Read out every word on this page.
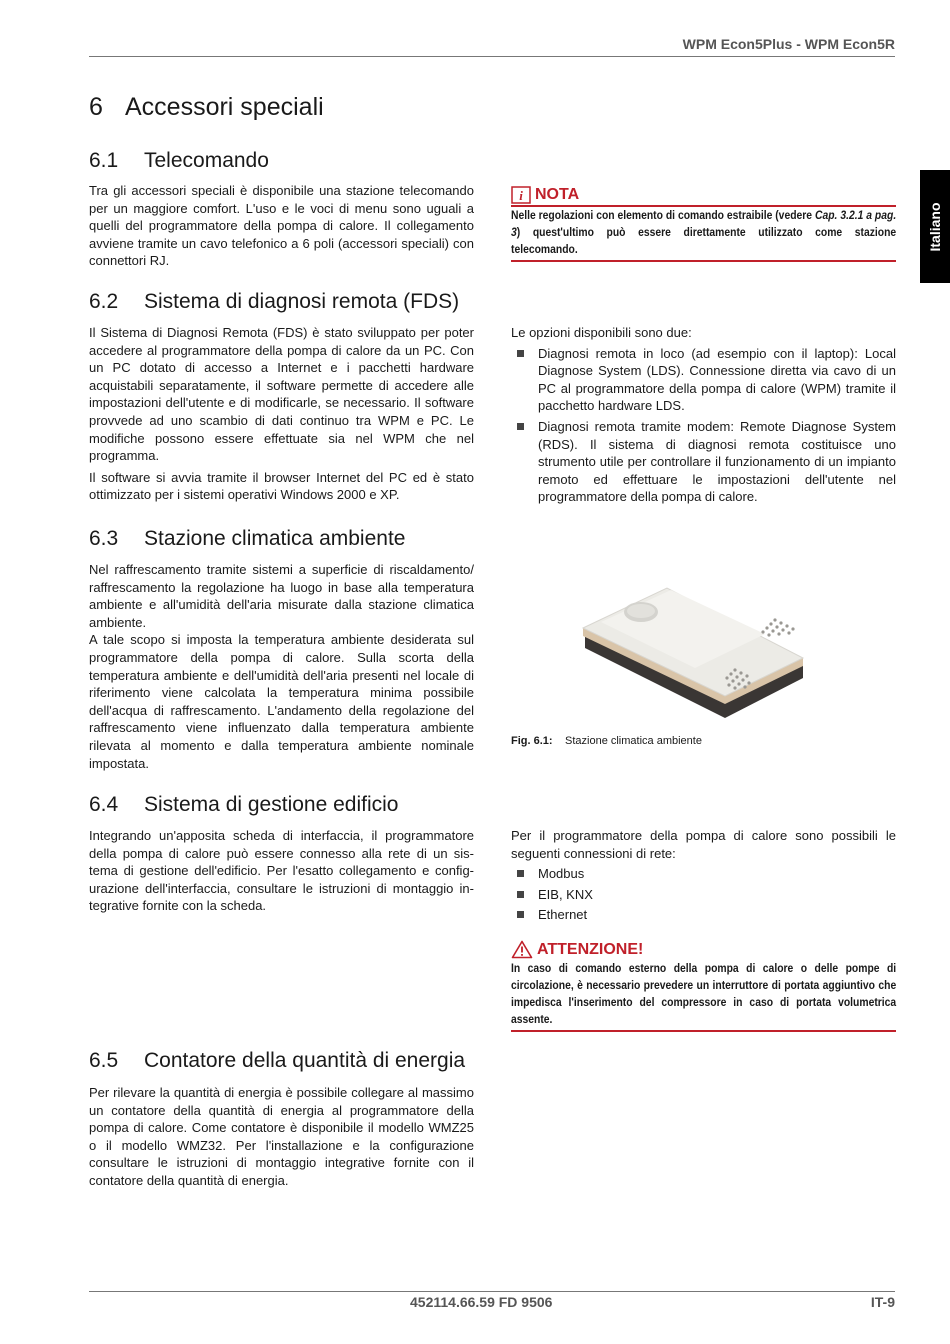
WPM Econ5Plus - WPM Econ5R
Italiano
6 Accessori speciali
6.1 Telecomando

Tra gli accessori speciali è disponibile una stazione telecomando per un maggiore comfort. L'uso e le voci di menu sono uguali a quelli del programmatore della pompa di calore. Il collegamento avviene tramite un cavo telefonico a 6 poli (accessori speciali) con connettori RJ.

i NOTA
Nelle regolazioni con elemento di comando estraibile (vedere Cap. 3.2.1 a pag. 3) quest'ultimo può essere direttamente utilizzato come stazione telecomando.
6.2 Sistema di diagnosi remota (FDS)

Il Sistema di Diagnosi Remota (FDS) è stato sviluppato per poter accedere al programmatore della pompa di calore da un PC. Con un PC dotato di accesso a Internet e i pacchetti hardware acquistabili separatamente, il software permette di accedere alle impostazioni dell'utente e di modificarle, se necessario. Il software provvede ad uno scambio di dati continuo tra WPM e PC. Le modifiche possono essere effettuate sia nel WPM che nel programma.

Il software si avvia tramite il browser Internet del PC ed è stato ottimizzato per i sistemi operativi Windows 2000 e XP.

Le opzioni disponibili sono due:

Diagnosi remota in loco (ad esempio con il laptop): Local Diagnose System (LDS). Connessione diretta via cavo di un PC al programmatore della pompa di calore (WPM) tramite il pacchetto hardware LDS.
Diagnosi remota tramite modem: Remote Diagnose System (RDS). Il sistema di diagnosi remota costituisce uno strumento utile per controllare il funzionamento di un impianto remoto ed effettuare le impostazioni dell'utente nel programmatore della pompa di calore.
6.3 Stazione climatica ambiente

Nel raffrescamento tramite sistemi a superficie di riscaldamento/ raffrescamento la regolazione ha luogo in base alla temperatura ambiente e all'umidità dell'aria misurate dalla stazione climatica ambiente.

A tale scopo si imposta la temperatura ambiente desiderata sul programmatore della pompa di calore. Sulla scorta della temperatura ambiente e dell'umidità dell'aria presenti nel locale di riferimento viene calcolata la temperatura minima possibile dell'acqua di raffrescamento. L'andamento della regolazione del raffrescamento viene influenzato dalla temperatura ambiente rilevata al momento e dalla temperatura ambiente nominale impostata.

Fig. 6.1: Stazione climatica ambiente
6.4 Sistema di gestione edificio

Integrando un'apposita scheda di interfaccia, il programmatore della pompa di calore può essere connesso alla rete di un sis-tema di gestione dell'edificio. Per l'esatto collegamento e config-urazione dell'interfaccia, consultare le istruzioni di montaggio in-tegrative fornite con la scheda.

Per il programmatore della pompa di calore sono possibili le seguenti connessioni di rete:

Modbus
EIB, KNX
Ethernet
ATTENZIONE!
In caso di comando esterno della pompa di calore o delle pompe di circolazione, è necessario prevedere un interruttore di portata aggiuntivo che impedisca l'inserimento del compressore in caso di portata volumetrica assente.
6.5 Contatore della quantità di energia

Per rilevare la quantità di energia è possibile collegare al massimo un contatore della quantità di energia al programmatore della pompa di calore. Come contatore è disponibile il modello WMZ25 o il modello WMZ32. Per l'installazione e la configurazione consultare le istruzioni di montaggio integrative fornite con il contatore della quantità di energia.

452114.66.59 FD 9506	IT-9
